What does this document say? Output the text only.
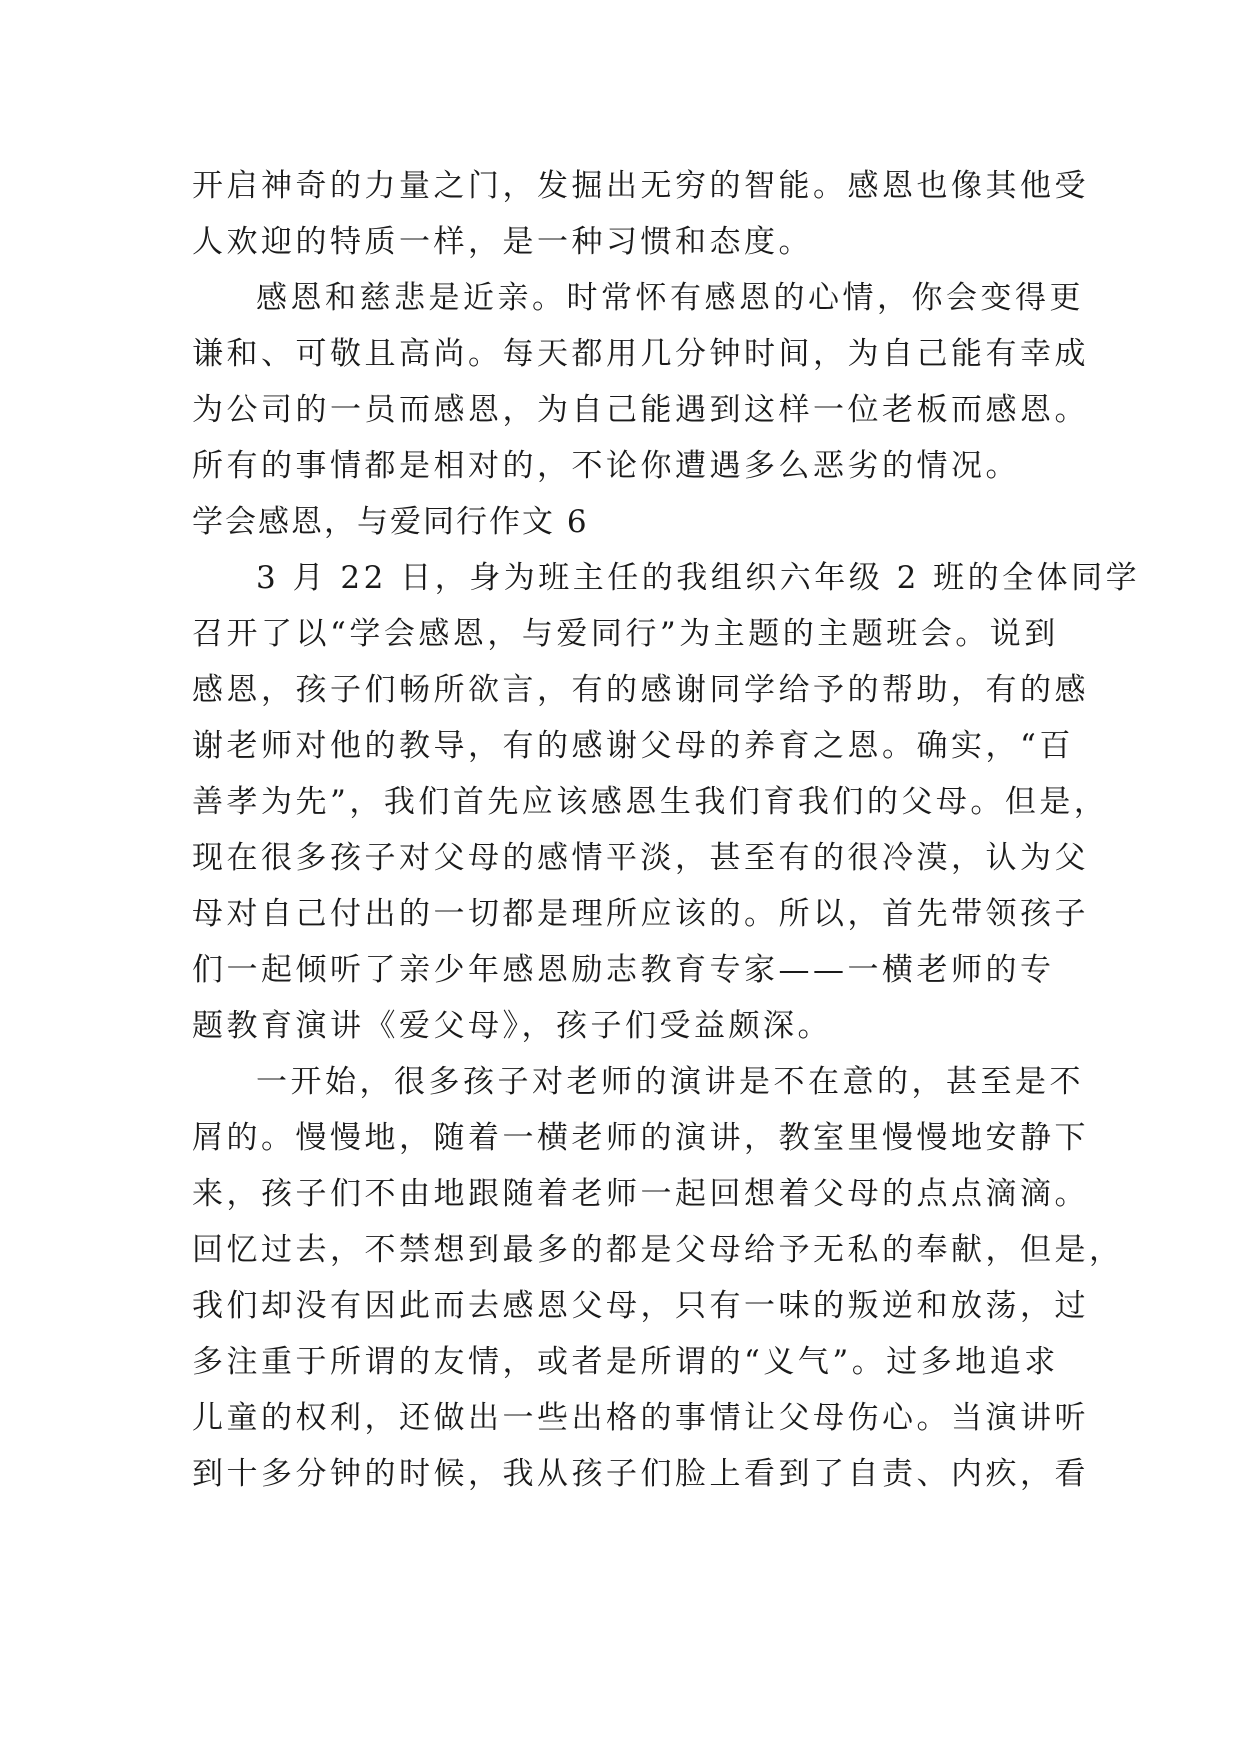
开启神奇的力量之门，发掘出无穷的智能。感恩也像其他受
人欢迎的特质一样，是一种习惯和态度。
感恩和慈悲是近亲。时常怀有感恩的心情，你会变得更
谦和、可敬且高尚。每天都用几分钟时间，为自己能有幸成
为公司的一员而感恩，为自己能遇到这样一位老板而感恩。
所有的事情都是相对的，不论你遭遇多么恶劣的情况。
学会感恩，与爱同行作文 6
3 月 22 日，身为班主任的我组织六年级 2 班的全体同学
召开了以“学会感恩，与爱同行”为主题的主题班会。说到
感恩，孩子们畅所欲言，有的感谢同学给予的帮助，有的感
谢老师对他的教导，有的感谢父母的养育之恩。确实，“百
善孝为先”，我们首先应该感恩生我们育我们的父母。但是，
现在很多孩子对父母的感情平淡，甚至有的很冷漠，认为父
母对自己付出的一切都是理所应该的。所以，首先带领孩子
们一起倾听了亲少年感恩励志教育专家——一横老师的专
题教育演讲《爱父母》，孩子们受益颇深。
一开始，很多孩子对老师的演讲是不在意的，甚至是不
屑的。慢慢地，随着一横老师的演讲，教室里慢慢地安静下
来，孩子们不由地跟随着老师一起回想着父母的点点滴滴。
回忆过去，不禁想到最多的都是父母给予无私的奉献，但是，
我们却没有因此而去感恩父母，只有一味的叛逆和放荡，过
多注重于所谓的友情，或者是所谓的“义气”。过多地追求
儿童的权利，还做出一些出格的事情让父母伤心。当演讲听
到十多分钟的时候，我从孩子们脸上看到了自责、内疚，看
